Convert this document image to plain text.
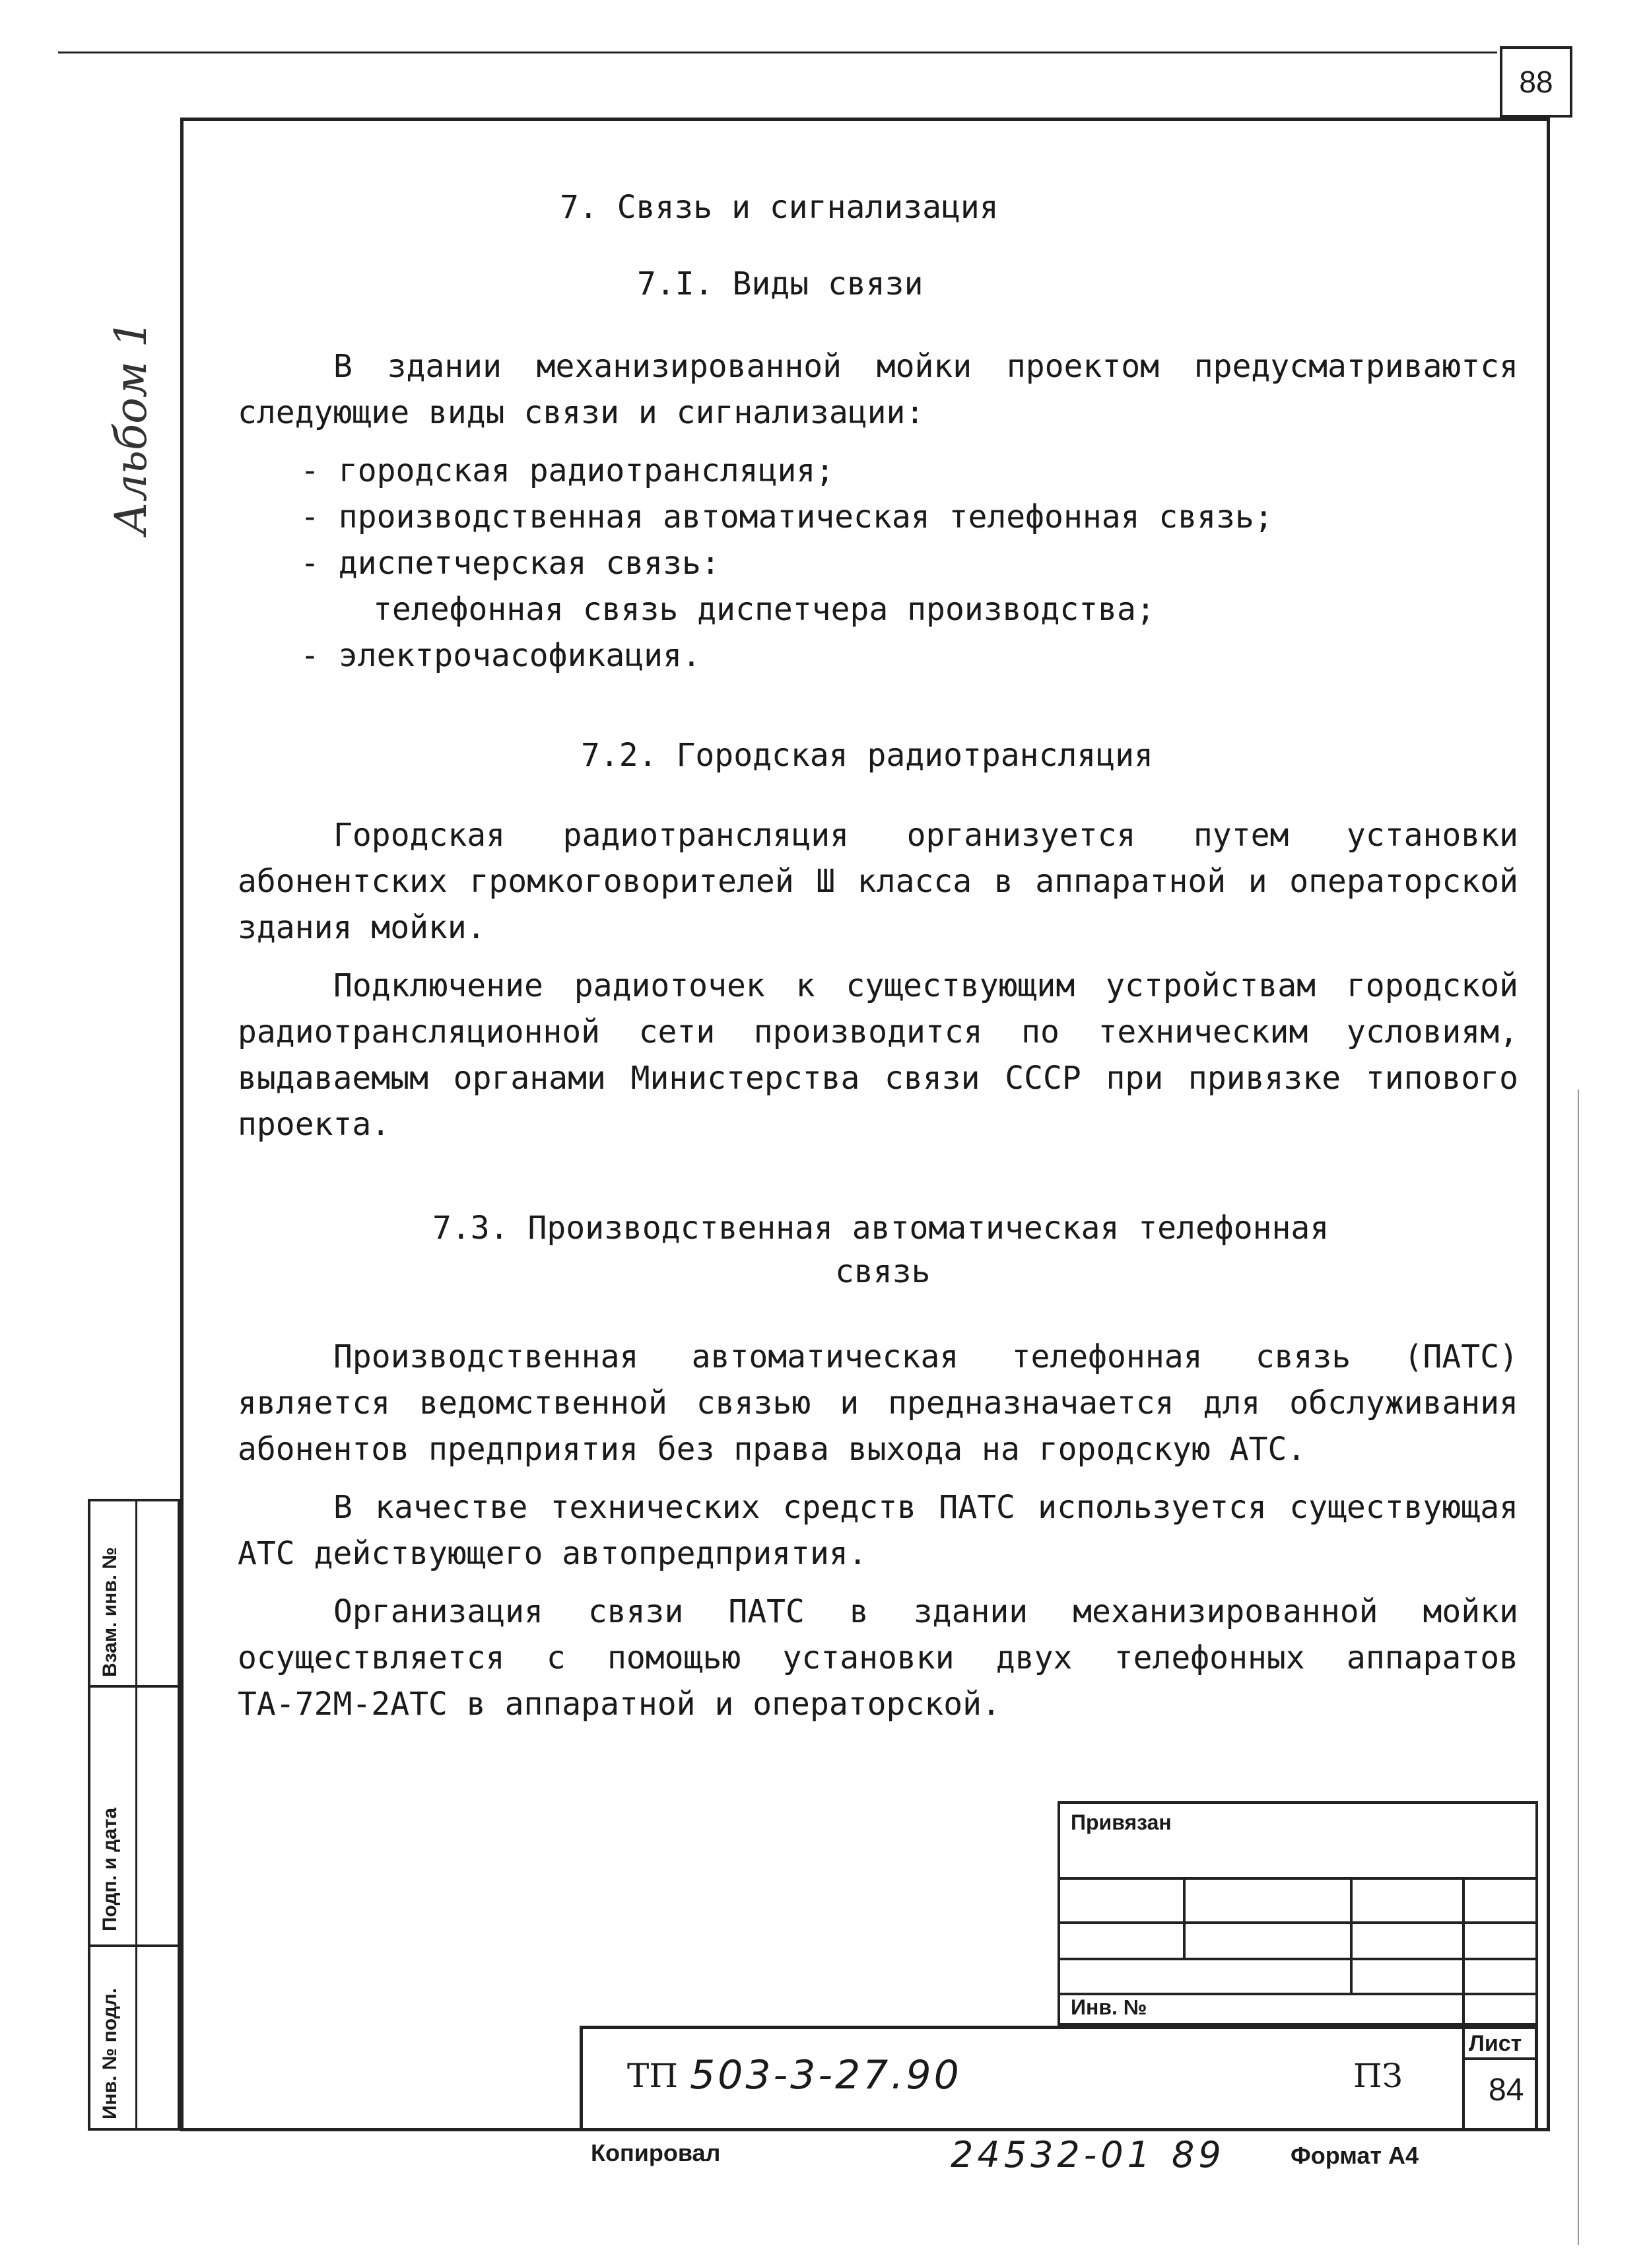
88
Альбом 1
7. Связь и сигнализация
7.I. Виды связи

В здании механизированной мойки проектом предусматриваются следующие виды связи и сигнализации:

- городская радиотрансляция;
- производственная автоматическая телефонная связь;
- диспетчерская связь:
телефонная связь диспетчера производства;
- электрочасофикация.
7.2. Городская радиотрансляция

Городская радиотрансляция организуется путем установки абонентских громкоговорителей Ш класса в аппаратной и операторской здания мойки.

Подключение радиоточек к существующим устройствам городской радиотрансляционной сети производится по техническим условиям, выдаваемым органами Министерства связи СССР при привязке типового проекта.

7.3. Производственная автоматическая телефонная
связь

Производственная автоматическая телефонная связь (ПАТС) является ведомственной связью и предназначается для обслуживания абонентов предприятия без права выхода на городскую АТС.

В качестве технических средств ПАТС используется существующая АТС действующего автопредприятия.

Организация связи ПАТС в здании механизированной мойки осуществляется с помощью установки двух телефонных аппаратов ТА-72М-2АТС в аппаратной и операторской.

Взам. инв. №
Подп. и дата
Инв. № подл.
Привязан
Инв. №
Лист
84
ТП 503-3-27.90	ПЗ
Копировал	24532-01 89	Формат А4
